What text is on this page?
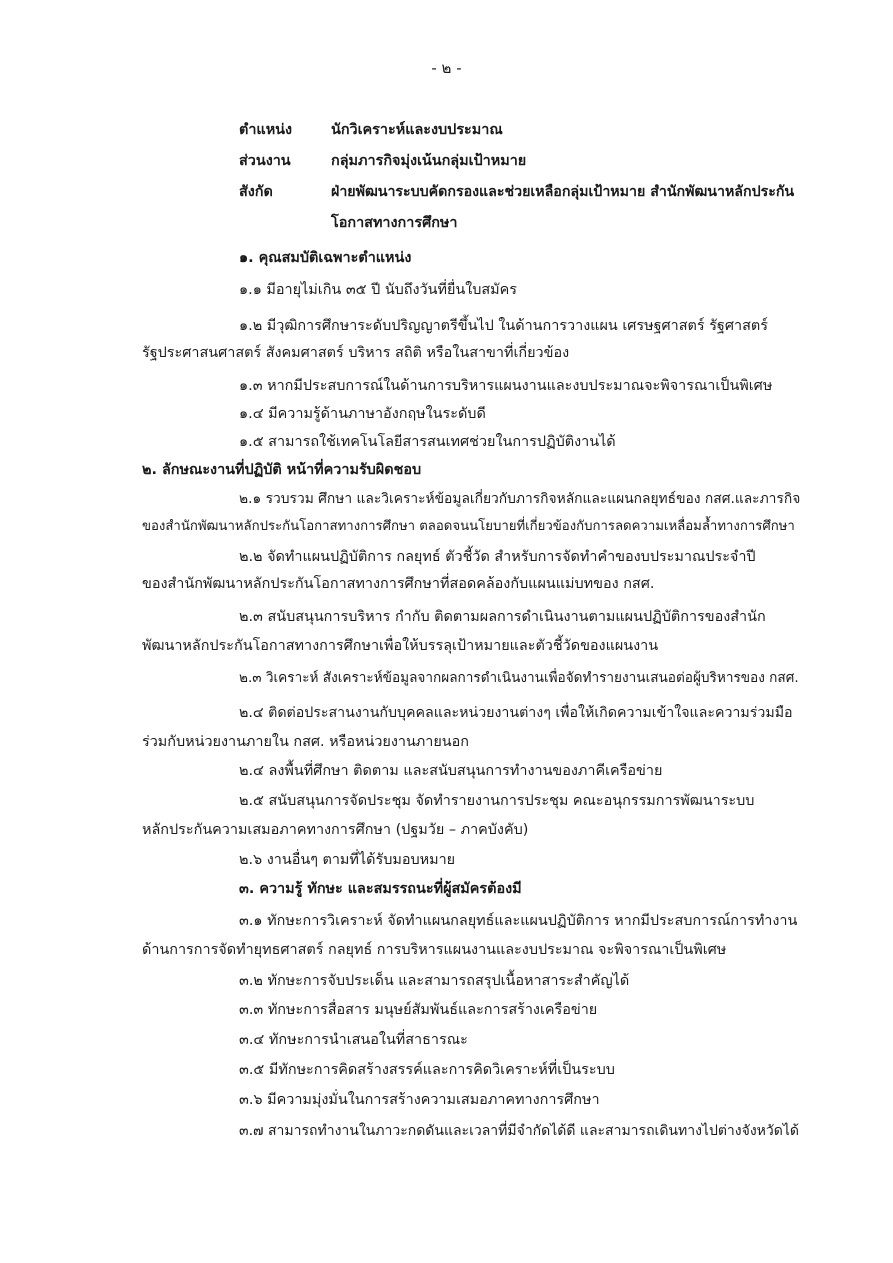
- ๒ -
ตำแหน่ง	นักวิเคราะห์และงบประมาณ
ส่วนงาน	กลุ่มภารกิจมุ่งเน้นกลุ่มเป้าหมาย
สังกัด	ฝ่ายพัฒนาระบบคัดกรองและช่วยเหลือกลุ่มเป้าหมาย สำนักพัฒนาหลักประกัน
โอกาสทางการศึกษา
๑. คุณสมบัติเฉพาะตำแหน่ง
๑.๑ มีอายุไม่เกิน ๓๕ ปี นับถึงวันที่ยื่นใบสมัคร
๑.๒ มีวุฒิการศึกษาระดับปริญญาตรีขึ้นไป ในด้านการวางแผน เศรษฐศาสตร์ รัฐศาสตร์
รัฐประศาสนศาสตร์ สังคมศาสตร์ บริหาร สถิติ หรือในสาขาที่เกี่ยวข้อง
๑.๓ หากมีประสบการณ์ในด้านการบริหารแผนงานและงบประมาณจะพิจารณาเป็นพิเศษ
๑.๔ มีความรู้ด้านภาษาอังกฤษในระดับดี
๑.๕ สามารถใช้เทคโนโลยีสารสนเทศช่วยในการปฏิบัติงานได้
๒. ลักษณะงานที่ปฏิบัติ หน้าที่ความรับผิดชอบ
๒.๑ รวบรวม ศึกษา และวิเคราะห์ข้อมูลเกี่ยวกับภารกิจหลักและแผนกลยุทธ์ของ กสศ.และภารกิจ
ของสำนักพัฒนาหลักประกันโอกาสทางการศึกษา ตลอดจนนโยบายที่เกี่ยวข้องกับการลดความเหลื่อมล้ำทางการศึกษา
๒.๒ จัดทำแผนปฏิบัติการ กลยุทธ์ ตัวชี้วัด สำหรับการจัดทำคำของบประมาณประจำปี
ของสำนักพัฒนาหลักประกันโอกาสทางการศึกษาที่สอดคล้องกับแผนแม่บทของ กสศ.
๒.๓ สนับสนุนการบริหาร กำกับ ติดตามผลการดำเนินงานตามแผนปฏิบัติการของสำนัก
พัฒนาหลักประกันโอกาสทางการศึกษาเพื่อให้บรรลุเป้าหมายและตัวชี้วัดของแผนงาน
๒.๓ วิเคราะห์ สังเคราะห์ข้อมูลจากผลการดำเนินงานเพื่อจัดทำรายงานเสนอต่อผู้บริหารของ กสศ.
๒.๔ ติดต่อประสานงานกับบุคคลและหน่วยงานต่างๆ เพื่อให้เกิดความเข้าใจและความร่วมมือ
ร่วมกับหน่วยงานภายใน กสศ. หรือหน่วยงานภายนอก
๒.๔ ลงพื้นที่ศึกษา ติดตาม และสนับสนุนการทำงานของภาคีเครือข่าย
๒.๕ สนับสนุนการจัดประชุม จัดทำรายงานการประชุม คณะอนุกรรมการพัฒนาระบบ
หลักประกันความเสมอภาคทางการศึกษา (ปฐมวัย – ภาคบังคับ)
๒.๖ งานอื่นๆ ตามที่ได้รับมอบหมาย
๓. ความรู้ ทักษะ และสมรรถนะที่ผู้สมัครต้องมี
๓.๑ ทักษะการวิเคราะห์ จัดทำแผนกลยุทธ์และแผนปฏิบัติการ หากมีประสบการณ์การทำงาน
ด้านการการจัดทำยุทธศาสตร์ กลยุทธ์ การบริหารแผนงานและงบประมาณ จะพิจารณาเป็นพิเศษ
๓.๒ ทักษะการจับประเด็น และสามารถสรุปเนื้อหาสาระสำคัญได้
๓.๓ ทักษะการสื่อสาร มนุษย์สัมพันธ์และการสร้างเครือข่าย
๓.๔ ทักษะการนำเสนอในที่สาธารณะ
๓.๕ มีทักษะการคิดสร้างสรรค์และการคิดวิเคราะห์ที่เป็นระบบ
๓.๖ มีความมุ่งมั่นในการสร้างความเสมอภาคทางการศึกษา
๓.๗ สามารถทำงานในภาวะกดดันและเวลาที่มีจำกัดได้ดี และสามารถเดินทางไปต่างจังหวัดได้
